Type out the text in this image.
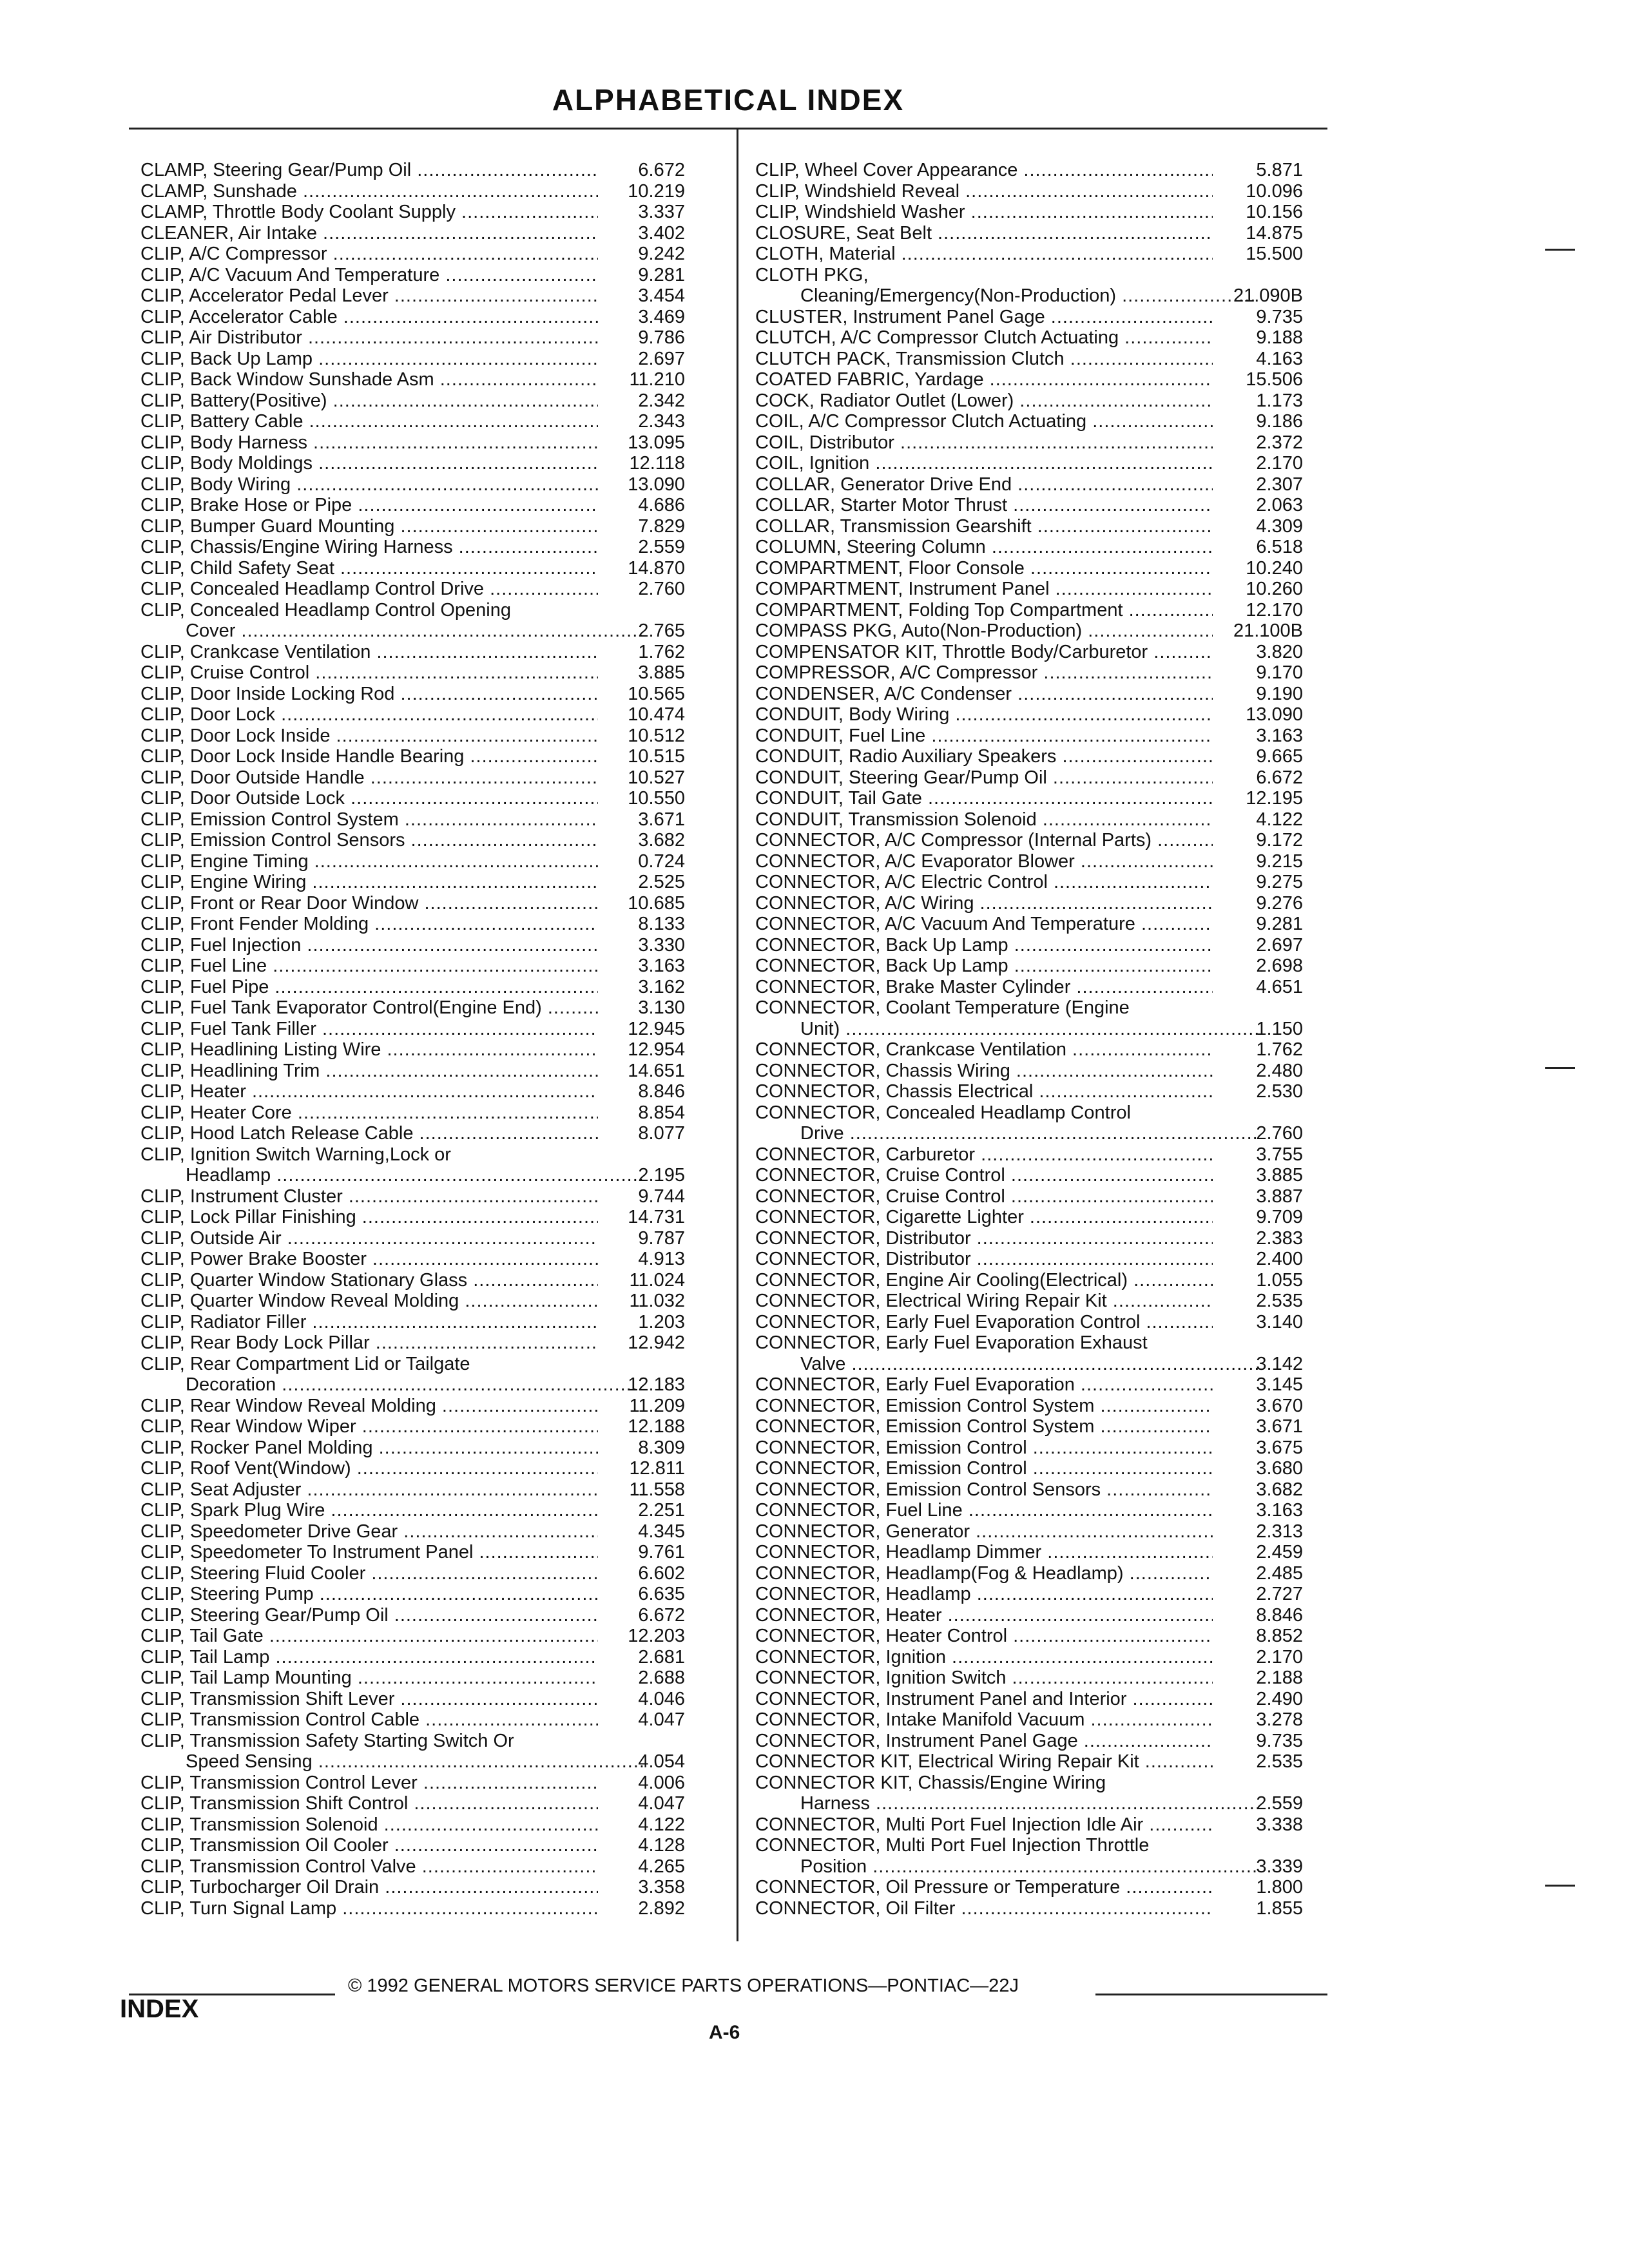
ALPHABETICAL INDEX
CLAMP, Steering Gear/Pump Oil .....	6.672
CLAMP, Sunshade .....	10.219
CLAMP, Throttle Body Coolant Supply .....	3.337
CLEANER, Air Intake .....	3.402
CLIP, A/C Compressor .....	9.242
CLIP, A/C Vacuum And Temperature .....	9.281
CLIP, Accelerator Pedal Lever .....	3.454
CLIP, Accelerator Cable .....	3.469
CLIP, Air Distributor .....	9.786
CLIP, Back Up Lamp .....	2.697
CLIP, Back Window Sunshade Asm .....	11.210
CLIP, Battery(Positive) .....	2.342
CLIP, Battery Cable .....	2.343
CLIP, Body Harness .....	13.095
CLIP, Body Moldings .....	12.118
CLIP, Body Wiring .....	13.090
CLIP, Brake Hose or Pipe .....	4.686
CLIP, Bumper Guard Mounting .....	7.829
CLIP, Chassis/Engine Wiring Harness .....	2.559
CLIP, Child Safety Seat .....	14.870
CLIP, Concealed Headlamp Control Drive .....	2.760
CLIP, Concealed Headlamp Control Opening
Cover .....	2.765
CLIP, Crankcase Ventilation .....	1.762
CLIP, Cruise Control .....	3.885
CLIP, Door Inside Locking Rod .....	10.565
CLIP, Door Lock .....	10.474
CLIP, Door Lock Inside .....	10.512
CLIP, Door Lock Inside Handle Bearing .....	10.515
CLIP, Door Outside Handle .....	10.527
CLIP, Door Outside Lock .....	10.550
CLIP, Emission Control System .....	3.671
CLIP, Emission Control Sensors .....	3.682
CLIP, Engine Timing .....	0.724
CLIP, Engine Wiring .....	2.525
CLIP, Front or Rear Door Window .....	10.685
CLIP, Front Fender Molding .....	8.133
CLIP, Fuel Injection .....	3.330
CLIP, Fuel Line .....	3.163
CLIP, Fuel Pipe .....	3.162
CLIP, Fuel Tank Evaporator Control(Engine End) .....	3.130
CLIP, Fuel Tank Filler .....	12.945
CLIP, Headlining Listing Wire .....	12.954
CLIP, Headlining Trim .....	14.651
CLIP, Heater .....	8.846
CLIP, Heater Core .....	8.854
CLIP, Hood Latch Release Cable .....	8.077
CLIP, Ignition Switch Warning,Lock or
Headlamp .....	2.195
CLIP, Instrument Cluster .....	9.744
CLIP, Lock Pillar Finishing .....	14.731
CLIP, Outside Air .....	9.787
CLIP, Power Brake Booster .....	4.913
CLIP, Quarter Window Stationary Glass .....	11.024
CLIP, Quarter Window Reveal Molding .....	11.032
CLIP, Radiator Filler .....	1.203
CLIP, Rear Body Lock Pillar .....	12.942
CLIP, Rear Compartment Lid or Tailgate
Decoration .....	12.183
CLIP, Rear Window Reveal Molding .....	11.209
CLIP, Rear Window Wiper .....	12.188
CLIP, Rocker Panel Molding .....	8.309
CLIP, Roof Vent(Window) .....	12.811
CLIP, Seat Adjuster .....	11.558
CLIP, Spark Plug Wire .....	2.251
CLIP, Speedometer Drive Gear .....	4.345
CLIP, Speedometer To Instrument Panel .....	9.761
CLIP, Steering Fluid Cooler .....	6.602
CLIP, Steering Pump .....	6.635
CLIP, Steering Gear/Pump Oil .....	6.672
CLIP, Tail Gate .....	12.203
CLIP, Tail Lamp .....	2.681
CLIP, Tail Lamp Mounting .....	2.688
CLIP, Transmission Shift Lever .....	4.046
CLIP, Transmission Control Cable .....	4.047
CLIP, Transmission Safety Starting Switch Or
Speed Sensing .....	4.054
CLIP, Transmission Control Lever .....	4.006
CLIP, Transmission Shift Control .....	4.047
CLIP, Transmission Solenoid .....	4.122
CLIP, Transmission Oil Cooler .....	4.128
CLIP, Transmission Control Valve .....	4.265
CLIP, Turbocharger Oil Drain .....	3.358
CLIP, Turn Signal Lamp .....	2.892
CLIP, Wheel Cover Appearance .....	5.871
CLIP, Windshield Reveal .....	10.096
CLIP, Windshield Washer .....	10.156
CLOSURE, Seat Belt .....	14.875
CLOTH, Material .....	15.500
CLOTH PKG,
Cleaning/Emergency(Non-Production) .....	21.090B
CLUSTER, Instrument Panel Gage .....	9.735
CLUTCH, A/C Compressor Clutch Actuating .....	9.188
CLUTCH PACK, Transmission Clutch .....	4.163
COATED FABRIC, Yardage .....	15.506
COCK, Radiator Outlet (Lower) .....	1.173
COIL, A/C Compressor Clutch Actuating .....	9.186
COIL, Distributor .....	2.372
COIL, Ignition .....	2.170
COLLAR, Generator Drive End .....	2.307
COLLAR, Starter Motor Thrust .....	2.063
COLLAR, Transmission Gearshift .....	4.309
COLUMN, Steering Column .....	6.518
COMPARTMENT, Floor Console .....	10.240
COMPARTMENT, Instrument Panel .....	10.260
COMPARTMENT, Folding Top Compartment .....	12.170
COMPASS PKG, Auto(Non-Production) .....	21.100B
COMPENSATOR KIT, Throttle Body/Carburetor .....	3.820
COMPRESSOR, A/C Compressor .....	9.170
CONDENSER, A/C Condenser .....	9.190
CONDUIT, Body Wiring .....	13.090
CONDUIT, Fuel Line .....	3.163
CONDUIT, Radio Auxiliary Speakers .....	9.665
CONDUIT, Steering Gear/Pump Oil .....	6.672
CONDUIT, Tail Gate .....	12.195
CONDUIT, Transmission Solenoid .....	4.122
CONNECTOR, A/C Compressor (Internal Parts) .....	9.172
CONNECTOR, A/C Evaporator Blower .....	9.215
CONNECTOR, A/C Electric Control .....	9.275
CONNECTOR, A/C Wiring .....	9.276
CONNECTOR, A/C Vacuum And Temperature .....	9.281
CONNECTOR, Back Up Lamp .....	2.697
CONNECTOR, Back Up Lamp .....	2.698
CONNECTOR, Brake Master Cylinder .....	4.651
CONNECTOR, Coolant Temperature (Engine
Unit) .....	1.150
CONNECTOR, Crankcase Ventilation .....	1.762
CONNECTOR, Chassis Wiring .....	2.480
CONNECTOR, Chassis Electrical .....	2.530
CONNECTOR, Concealed Headlamp Control
Drive .....	2.760
CONNECTOR, Carburetor .....	3.755
CONNECTOR, Cruise Control .....	3.885
CONNECTOR, Cruise Control .....	3.887
CONNECTOR, Cigarette Lighter .....	9.709
CONNECTOR, Distributor .....	2.383
CONNECTOR, Distributor .....	2.400
CONNECTOR, Engine Air Cooling(Electrical) .....	1.055
CONNECTOR, Electrical Wiring Repair Kit .....	2.535
CONNECTOR, Early Fuel Evaporation Control .....	3.140
CONNECTOR, Early Fuel Evaporation Exhaust
Valve .....	3.142
CONNECTOR, Early Fuel Evaporation .....	3.145
CONNECTOR, Emission Control System .....	3.670
CONNECTOR, Emission Control System .....	3.671
CONNECTOR, Emission Control .....	3.675
CONNECTOR, Emission Control .....	3.680
CONNECTOR, Emission Control Sensors .....	3.682
CONNECTOR, Fuel Line .....	3.163
CONNECTOR, Generator .....	2.313
CONNECTOR, Headlamp Dimmer .....	2.459
CONNECTOR, Headlamp(Fog & Headlamp) .....	2.485
CONNECTOR, Headlamp .....	2.727
CONNECTOR, Heater .....	8.846
CONNECTOR, Heater Control .....	8.852
CONNECTOR, Ignition .....	2.170
CONNECTOR, Ignition Switch .....	2.188
CONNECTOR, Instrument Panel and Interior .....	2.490
CONNECTOR, Intake Manifold Vacuum .....	3.278
CONNECTOR, Instrument Panel Gage .....	9.735
CONNECTOR KIT, Electrical Wiring Repair Kit .....	2.535
CONNECTOR KIT, Chassis/Engine Wiring
Harness .....	2.559
CONNECTOR, Multi Port Fuel Injection Idle Air .....	3.338
CONNECTOR, Multi Port Fuel Injection Throttle
Position .....	3.339
CONNECTOR, Oil Pressure or Temperature .....	1.800
CONNECTOR, Oil Filter .....	1.855
© 1992 GENERAL MOTORS SERVICE PARTS OPERATIONS—PONTIAC—22J
INDEX
A-6
